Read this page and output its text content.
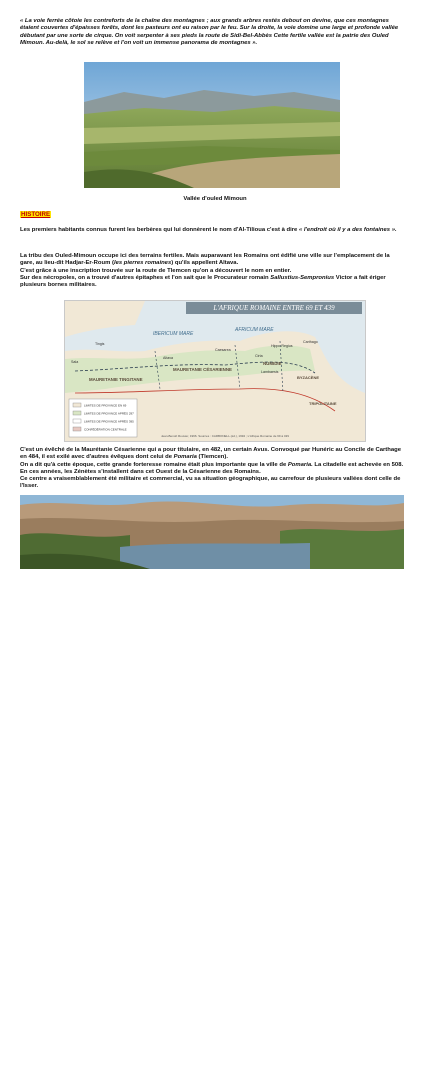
« La voie ferrée côtoie les contreforts de la chaîne des montagnes ; aux grands arbres restés debout on devine, que ces montagnes étaient couvertes d'épaisses forêts, dont les pasteurs ont eu raison par le feu. Sur la droite, la voie domine une large et profonde vallée débutant par une sorte de cirque. On voit serpenter à ses pieds la route de Sidi-Bel-Abbès Cette fertile vallée est la patrie des Ouled Mimoun. Au-delà, le sol se relève et l'on voit un immense panorama de montagnes ».

Vallée d'ouled Mimoun
HISTOIRE

Les premiers habitants connus furent les berbères qui lui donnèrent le nom d'Al-Tilioua c'est à dire « l'endroit où il y a des fontaines ».

La tribu des Ouled-Mimoun occupe ici des terrains fertiles. Mais auparavant les Romains ont édifié une ville sur l'emplacement de la gare, au lieu-dit Hadjar-Er-Roum (les pierres romaines) qu'ils appellent Altava.
C'est grâce à une inscription trouvée sur la route de Tlemcen qu'on a découvert le nom en entier.
Sur des nécropoles, on a trouvé d'autres épitaphes et l'on sait que le Procurateur romain Sallustius-Sempronius Victor a fait ériger plusieurs bornes militaires.

LIMITES DE PROVINCE EN 69
LIMITES DE PROVINCE APRÈS 297
LIMITES DE PROVINCE APRÈS 395
CONFÉDÉRATION CENTRALE
IBERICUM MARE
AFRICUM MARE
MAURETANIE TINGITANE
MAURETANIE CÉSARIENNE
NUMIDIE
BYZACÈNE
TRIPOLITAINE
Tingis
Altava
Caesarea
Carthago
Hippo Regius
Cirta
Lambaesis
Sala
Jean-Benoît Rouvier, 1996. Sources : CARBONELL (éd.), 1994 ; L'Afrique Romaine de 69 à 439
L'AFRIQUE ROMAINE ENTRE 69 ET 439

C'est un évêché de la Maurétanie Césarienne qui a pour titulaire, en 482, un certain Avus. Convoqué par Hunéric au Concile de Carthage en 484, il est exilé avec d'autres évêques dont celui de Pomaria (Tlemcen).
On a dit qu'à cette époque, cette grande forteresse romaine était plus importante que la ville de Pomaria. La citadelle est achevée en 508. En ces années, les Zénètes s'installent dans cet Ouest de la Césarienne des Romains.
Ce centre a vraisemblablement été militaire et commercial, vu sa situation géographique, au carrefour de plusieurs vallées dont celle de l'Isser.

©VALENTIN
